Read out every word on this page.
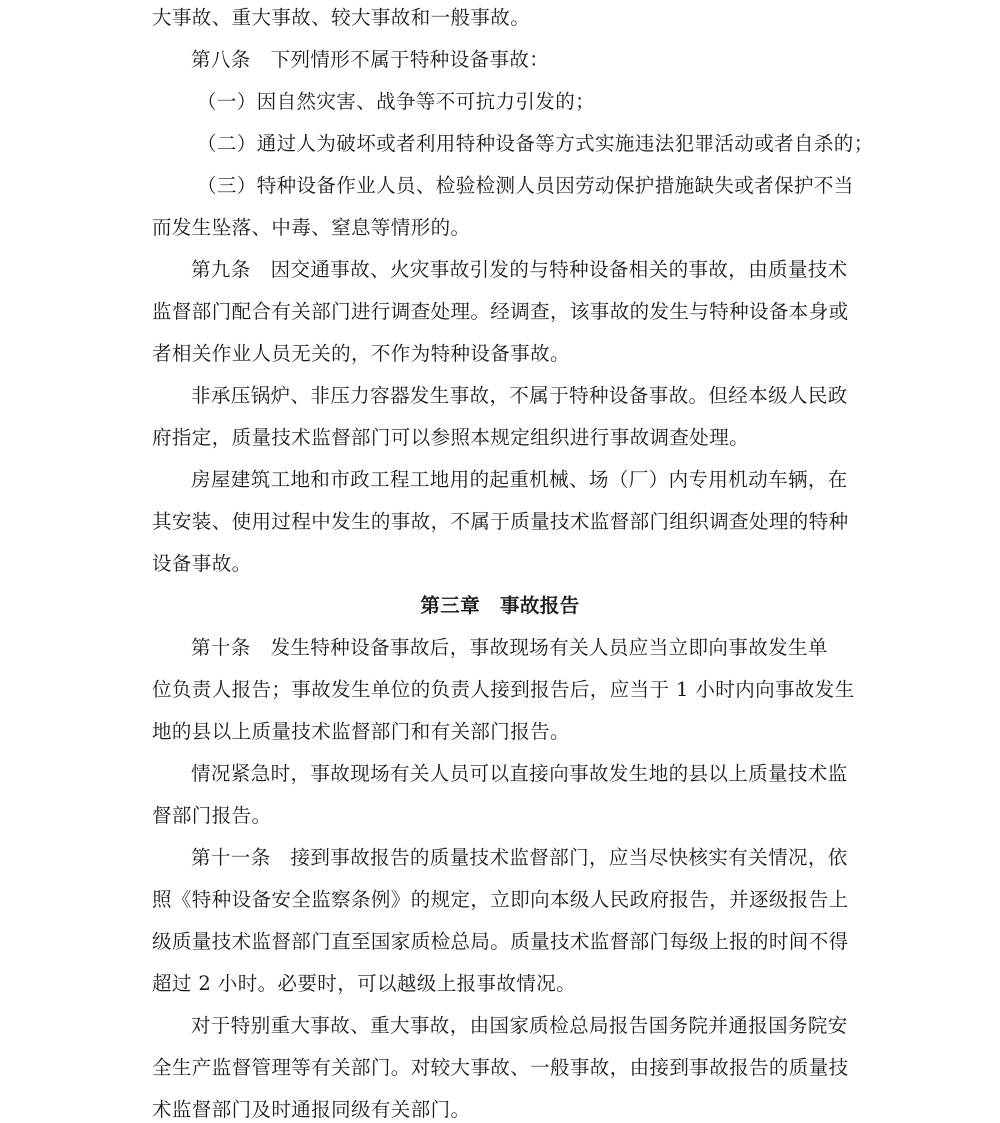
大事故、重大事故、较大事故和一般事故。
第八条　下列情形不属于特种设备事故：
（一）因自然灾害、战争等不可抗力引发的；
（二）通过人为破坏或者利用特种设备等方式实施违法犯罪活动或者自杀的；
（三）特种设备作业人员、检验检测人员因劳动保护措施缺失或者保护不当
而发生坠落、中毒、窒息等情形的。
第九条　因交通事故、火灾事故引发的与特种设备相关的事故，由质量技术
监督部门配合有关部门进行调查处理。经调查，该事故的发生与特种设备本身或
者相关作业人员无关的，不作为特种设备事故。
非承压锅炉、非压力容器发生事故，不属于特种设备事故。但经本级人民政
府指定，质量技术监督部门可以参照本规定组织进行事故调查处理。
房屋建筑工地和市政工程工地用的起重机械、场（厂）内专用机动车辆，在
其安装、使用过程中发生的事故，不属于质量技术监督部门组织调查处理的特种
设备事故。
第三章　事故报告
第十条　发生特种设备事故后，事故现场有关人员应当立即向事故发生单
位负责人报告；事故发生单位的负责人接到报告后，应当于 1 小时内向事故发生
地的县以上质量技术监督部门和有关部门报告。
情况紧急时，事故现场有关人员可以直接向事故发生地的县以上质量技术监
督部门报告。
第十一条　接到事故报告的质量技术监督部门，应当尽快核实有关情况，依
照《特种设备安全监察条例》的规定，立即向本级人民政府报告，并逐级报告上
级质量技术监督部门直至国家质检总局。质量技术监督部门每级上报的时间不得
超过 2 小时。必要时，可以越级上报事故情况。
对于特别重大事故、重大事故，由国家质检总局报告国务院并通报国务院安
全生产监督管理等有关部门。对较大事故、一般事故，由接到事故报告的质量技
术监督部门及时通报同级有关部门。
